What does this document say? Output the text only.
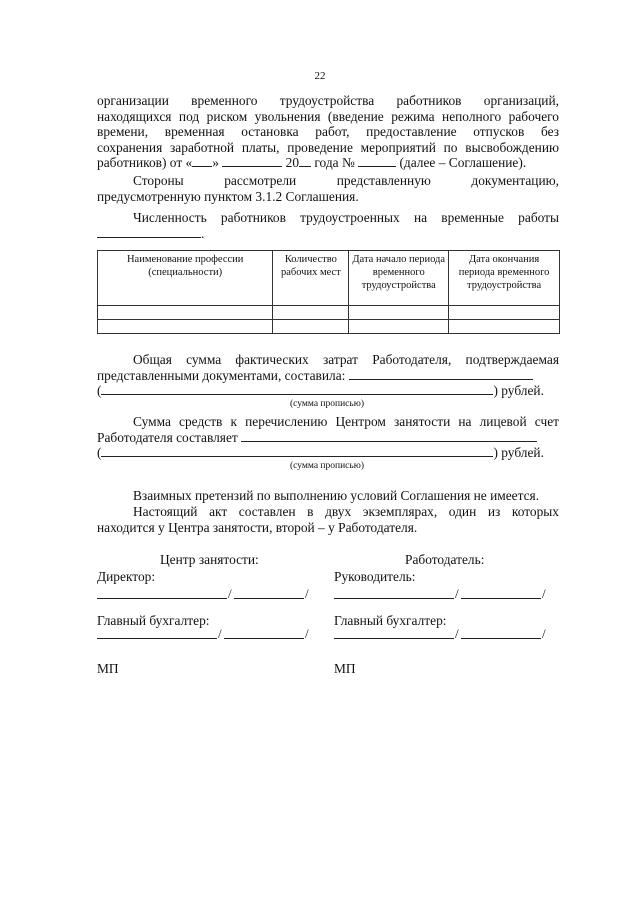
22
организации временного трудоустройства работников организаций,
находящихся под риском увольнения (введение режима неполного рабочего
времени, временная остановка работ, предоставление отпусков без
сохранения заработной платы, проведение мероприятий по высвобождению
работников) от « »	20 года №	(далее – Соглашение).
Стороны рассмотрели представленную документацию,
предусмотренную пунктом 3.1.2 Соглашения.
Численность работников трудоустроенных на временные работы
.
Наименование профессии (специальности)	Количество рабочих мест	Дата начало периода временного трудоустройства	Дата окончания периода временного трудоустройства

Общая сумма фактических затрат Работодателя, подтверждаемая
представленными документами, составила:
(	) рублей.
(сумма прописью)
Сумма средств к перечислению Центром занятости на лицевой счет
Работодателя составляет
(	) рублей.
(сумма прописью)
Взаимных претензий по выполнению условий Соглашения не имеется.
Настоящий акт составлен в двух экземплярах, один из которых
находится у Центра занятости, второй – у Работодателя.
Центр занятости:
Директор:
/	/
Главный бухгалтер:
/	/
МП
Работодатель:
Руководитель:
/	/
Главный бухгалтер:
/	/
МП
